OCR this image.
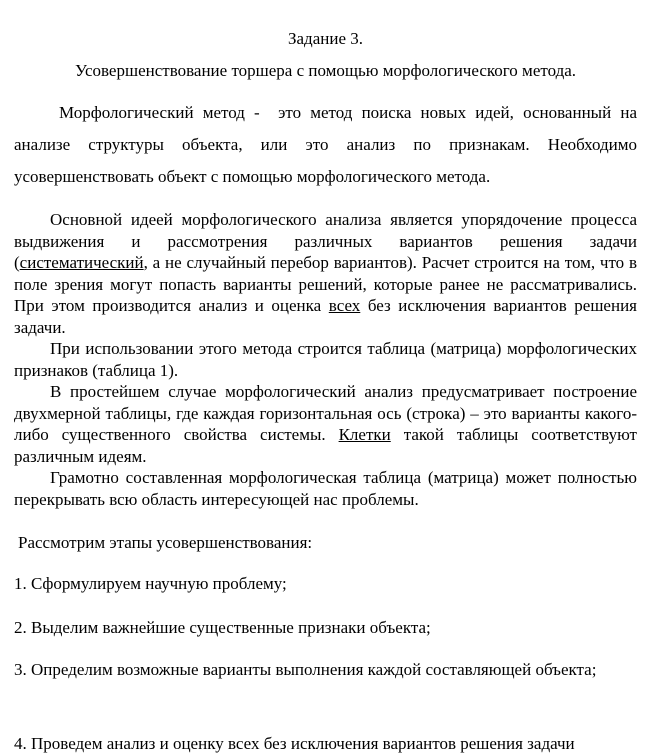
Задание 3.

Усовершенствование торшера с помощью морфологического метода.

Морфологический метод - это метод поиска новых идей, основанный на анализе структуры объекта, или это анализ по признакам. Необходимо усовершенствовать объект с помощью морфологического метода.

Основной идеей морфологического анализа является упорядочение процесса выдвижения и рассмотрения различных вариантов решения задачи (систематический, а не случайный перебор вариантов). Расчет строится на том, что в поле зрения могут попасть варианты решений, которые ранее не рассматривались. При этом производится анализ и оценка всех без исключения вариантов решения задачи.

При использовании этого метода строится таблица (матрица) морфологических признаков (таблица 1).

В простейшем случае морфологический анализ предусматривает построение двухмерной таблицы, где каждая горизонтальная ось (строка) – это варианты какого-либо существенного свойства системы. Клетки такой таблицы соответствуют различным идеям.

Грамотно составленная морфологическая таблица (матрица) может полностью перекрывать всю область интересующей нас проблемы.

Рассмотрим этапы усовершенствования:

1. Сформулируем научную проблему;

2. Выделим важнейшие существенные признаки объекта;

3. Определим возможные варианты выполнения каждой составляющей объекта;

4. Проведем анализ и оценку всех без исключения вариантов решения задачи
